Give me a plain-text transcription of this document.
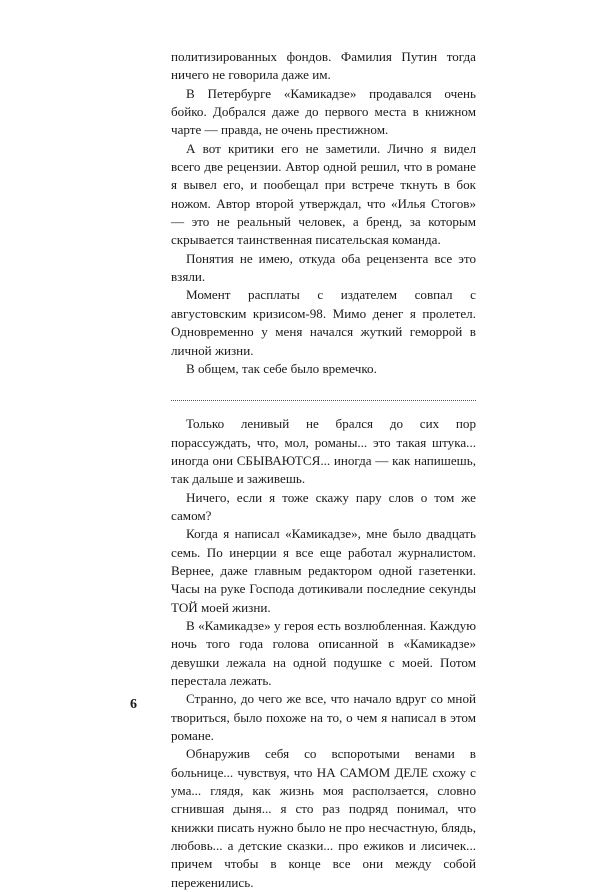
политизированных фондов. Фамилия Путин тогда ничего не говорила даже им.

В Петербурге «Камикадзе» продавался очень бойко. Добрался даже до первого места в книжном чарте — правда, не очень престижном.

А вот критики его не заметили. Лично я видел всего две рецензии. Автор одной решил, что в романе я вывел его, и пообещал при встрече ткнуть в бок ножом. Автор второй утверждал, что «Илья Стогов» — это не реальный человек, а бренд, за которым скрывается таинственная писательская команда.

Понятия не имею, откуда оба рецензента все это взяли.

Момент расплаты с издателем совпал с августовским кризисом-98. Мимо денег я пролетел. Одновременно у меня начался жуткий геморрой в личной жизни.

В общем, так себе было времечко.

Только ленивый не брался до сих пор порассуждать, что, мол, романы... это такая штука... иногда они СБЫВАЮТСЯ... иногда — как напишешь, так дальше и заживешь.

Ничего, если я тоже скажу пару слов о том же самом?

Когда я написал «Камикадзе», мне было двадцать семь. По инерции я все еще работал журналистом. Вернее, даже главным редактором одной газетенки. Часы на руке Господа дотикивали последние секунды ТОЙ моей жизни.

В «Камикадзе» у героя есть возлюбленная. Каждую ночь того года голова описанной в «Камикадзе» девушки лежала на одной подушке с моей. Потом перестала лежать.

Странно, до чего же все, что начало вдруг со мной твориться, было похоже на то, о чем я написал в этом романе.

Обнаружив себя со вспоротыми венами в больнице... чувствуя, что НА САМОМ ДЕЛЕ схожу с ума... глядя, как жизнь моя расползается, словно сгнившая дыня... я сто раз подряд понимал, что книжки писать нужно было не про несчастную, блядь, любовь... а детские сказки... про ежиков и лисичек... причем чтобы в конце все они между собой переженились.

6
